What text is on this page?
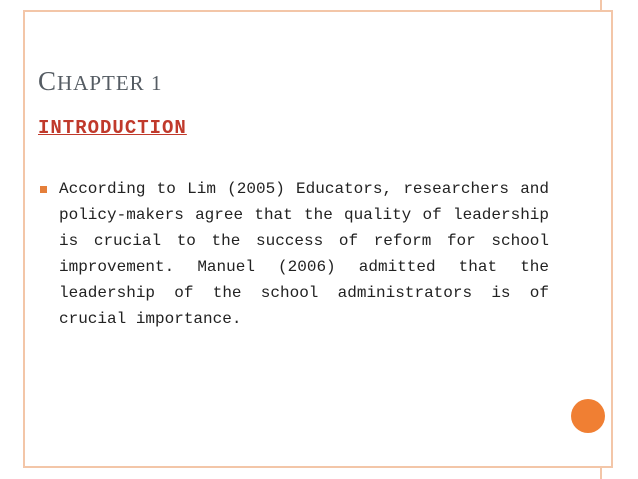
CHAPTER 1
INTRODUCTION
According to Lim (2005) Educators, researchers and policy-makers agree that the quality of leadership is crucial to the success of reform for school improvement. Manuel (2006) admitted that the leadership of the school administrators is of crucial importance.
